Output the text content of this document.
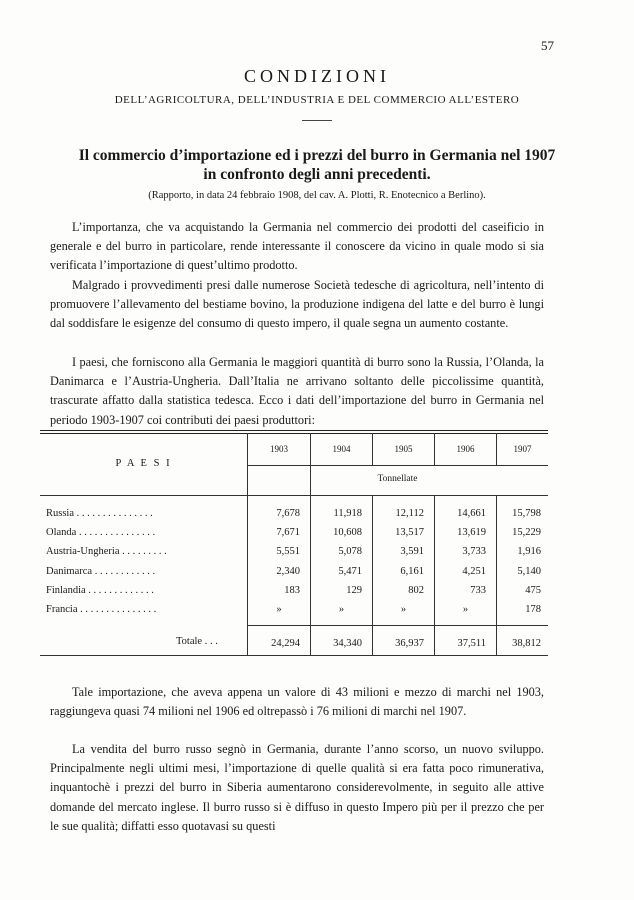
57
CONDIZIONI
DELL’AGRICOLTURA, DELL’INDUSTRIA E DEL COMMERCIO ALL’ESTERO
Il commercio d’importazione ed i prezzi del burro in Germania nel 1907
in confronto degli anni precedenti.
(Rapporto, in data 24 febbraio 1908, del cav. A. Plotti, R. Enotecnico a Berlino).

L’importanza, che va acquistando la Germania nel commercio dei prodotti del caseificio in generale e del burro in particolare, rende interessante il conoscere da vicino in quale modo si sia verificata l’importazione di quest’ultimo prodotto.

Malgrado i provvedimenti presi dalle numerose Società tedesche di agricoltura, nell’intento di promuovere l’allevamento del bestiame bovino, la produzione indigena del latte e del burro è lungi dal soddisfare le esigenze del consumo di questo impero, il quale segna un aumento costante.

I paesi, che forniscono alla Germania le maggiori quantità di burro sono la Russia, l’Olanda, la Danimarca e l’Austria-Ungheria. Dall’Italia ne arrivano soltanto delle piccolissime quantità, trascurate affatto dalla statistica tedesca. Ecco i dati dell’importazione del burro in Germania nel periodo 1903-1907 coi contributi dei paesi produttori:

P A E S I
1903	1904	1905	1906	1907
Tonnellate
Russia . . . . . . . . . . . . . . .	7,678	11,918	12,112	14,661	15,798
Olanda . . . . . . . . . . . . . . .	7,671	10,608	13,517	13,619	15,229
Austria-Ungheria . . . . . . . . .	5,551	5,078	3,591	3,733	1,916
Danimarca . . . . . . . . . . . .	2,340	5,471	6,161	4,251	5,140
Finlandia . . . . . . . . . . . . .	183	129	802	733	475
Francia . . . . . . . . . . . . . . .	»	»	»	»	178
Totale . . .	24,294	34,340	36,937	37,511	38,812

Tale importazione, che aveva appena un valore di 43 milioni e mezzo di marchi nel 1903, raggiungeva quasi 74 milioni nel 1906 ed oltrepassò i 76 milioni di marchi nel 1907.

La vendita del burro russo segnò in Germania, durante l’anno scorso, un nuovo sviluppo. Principalmente negli ultimi mesi, l’importazione di quelle qualità si era fatta poco rimunerativa, inquantochè i prezzi del burro in Siberia aumentarono considerevolmente, in seguito alle attive domande del mercato inglese. Il burro russo si è diffuso in questo Impero più per il prezzo che per le sue qualità; diffatti esso quotavasi su questi
